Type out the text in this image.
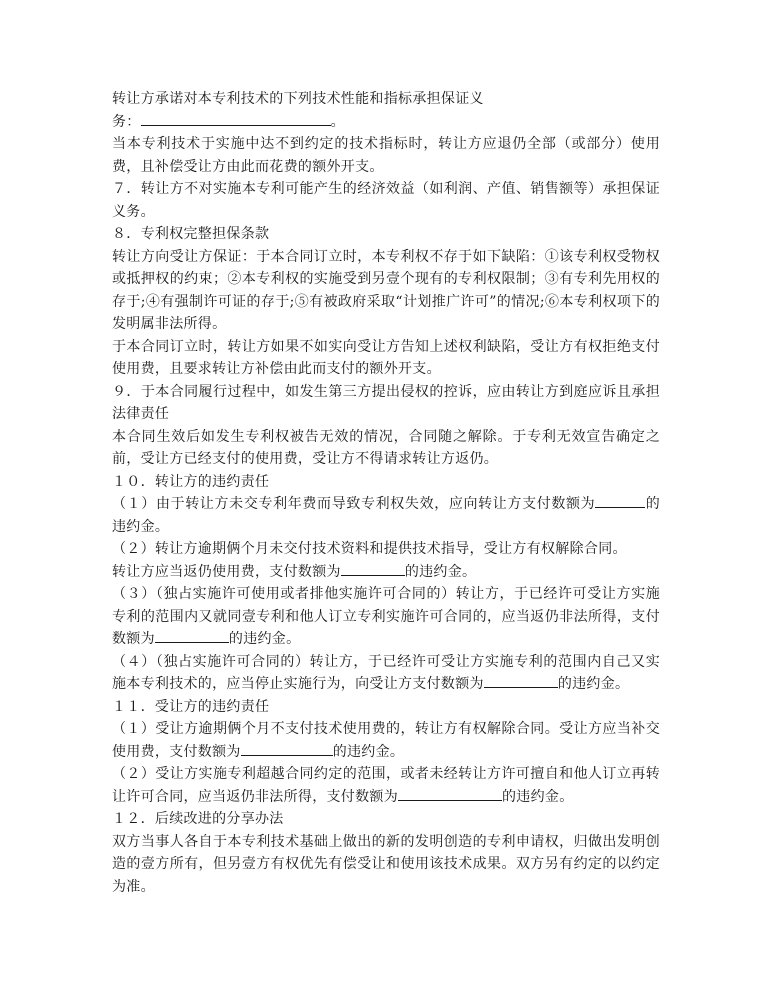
转让方承诺对本专利技术的下列技术性能和指标承担保证义
务：	。

当本专利技术于实施中达不到约定的技术指标时，转让方应退仍全部（或部分）使用费，且补偿受让方由此而花费的额外开支。

７．转让方不对实施本专利可能产生的经济效益（如利润、产值、销售额等）承担保证义务。

８．专利权完整担保条款

转让方向受让方保证：于本合同订立时，本专利权不存于如下缺陷：①该专利权受物权或抵押权的约束；②本专利权的实施受到另壹个现有的专利权限制；③有专利先用权的存于;④有强制许可证的存于;⑤有被政府采取“计划推广许可”的情况;⑥本专利权项下的发明属非法所得。

于本合同订立时，转让方如果不如实向受让方告知上述权利缺陷，受让方有权拒绝支付使用费，且要求转让方补偿由此而支付的额外开支。

９．于本合同履行过程中，如发生第三方提出侵权的控诉，应由转让方到庭应诉且承担法律责任

本合同生效后如发生专利权被告无效的情况，合同随之解除。于专利无效宣告确定之前，受让方已经支付的使用费，受让方不得请求转让方返仍。

１０．转让方的违约责任

（１）由于转让方未交专利年费而导致专利权失效，应向转让方支付数额为	的违约金。

（２）转让方逾期俩个月未交付技术资料和提供技术指导，受让方有权解除合同。

转让方应当返仍使用费，支付数额为	的违约金。

（３）（独占实施许可使用或者排他实施许可合同的）转让方，于已经许可受让方实施专利的范围内又就同壹专利和他人订立专利实施许可合同的，应当返仍非法所得，支付数额为	的违约金。

（４）（独占实施许可合同的）转让方，于已经许可受让方实施专利的范围内自己又实施本专利技术的，应当停止实施行为，向受让方支付数额为	的违约金。

１１．受让方的违约责任

（１）受让方逾期俩个月不支付技术使用费的，转让方有权解除合同。受让方应当补交使用费，支付数额为	的违约金。

（２）受让方实施专利超越合同约定的范围，或者未经转让方许可擅自和他人订立再转让许可合同，应当返仍非法所得，支付数额为	的违约金。

１２．后续改进的分享办法

双方当事人各自于本专利技术基础上做出的新的发明创造的专利申请权，归做出发明创造的壹方所有，但另壹方有权优先有偿受让和使用该技术成果。双方另有约定的以约定为准。
